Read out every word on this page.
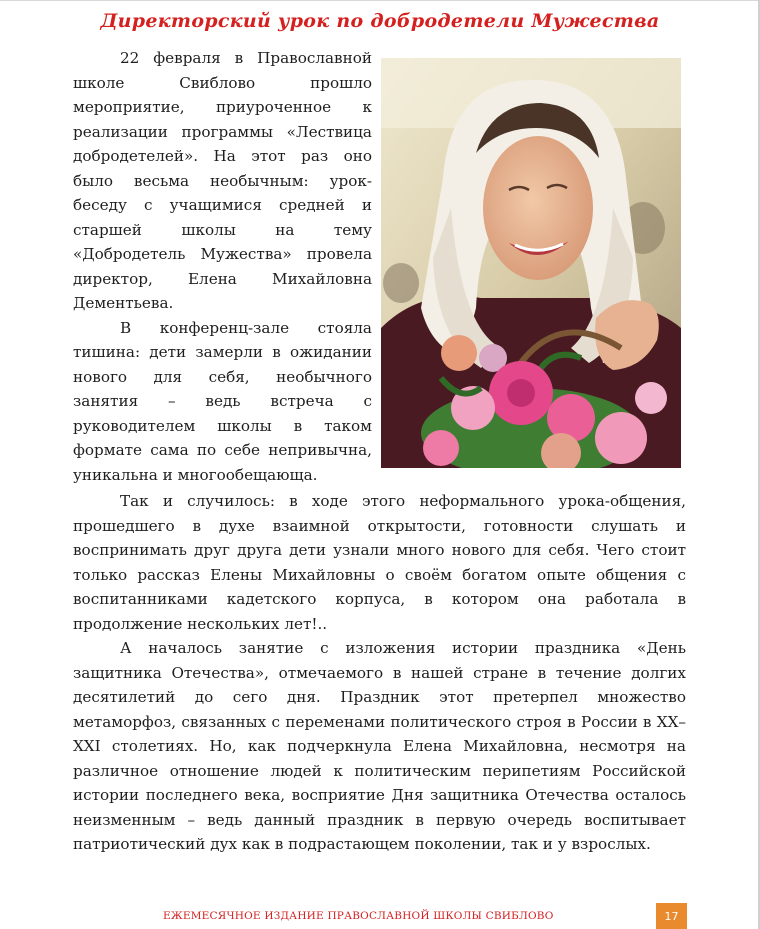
Директорский урок по добродетели Мужества

22 февраля в Православной школе Свиблово прошло мероприятие, приуроченное к реализации программы «Лествица добродетелей». На этот раз оно было весьма необычным: урок-беседу с учащимися средней и старшей школы на тему «Добродетель Мужества» провела директор, Елена Михайловна Дементьева.

В конференц-зале стояла тишина: дети замерли в ожидании нового для себя, необычного занятия – ведь встреча с руководителем школы в таком формате сама по себе непривычна, уникальна и многообещающа.

Так и случилось: в ходе этого неформального урока-общения, прошедшего в духе взаимной открытости, готовности слушать и воспринимать друг друга дети узнали много нового для себя. Чего стоит только рассказ Елены Михайловны о своём богатом опыте общения с воспитанниками кадетского корпуса, в котором она работала в продолжение нескольких лет!..

А началось занятие с изложения истории праздника «День защитника Отечества», отмечаемого в нашей стране в течение долгих десятилетий до сего дня. Праздник этот претерпел множество метаморфоз, связанных с переменами политического строя в России в XX–XXI столетиях. Но, как подчеркнула Елена Михайловна, несмотря на различное отношение людей к политическим перипетиям Российской истории последнего века, восприятие Дня защитника Отечества осталось неизменным – ведь данный праздник в первую очередь воспитывает патриотический дух как в подрастающем поколении, так и у взрослых.

ЕЖЕМЕСЯЧНОЕ ИЗДАНИЕ ПРАВОСЛАВНОЙ ШКОЛЫ СВИБЛОВО	17
